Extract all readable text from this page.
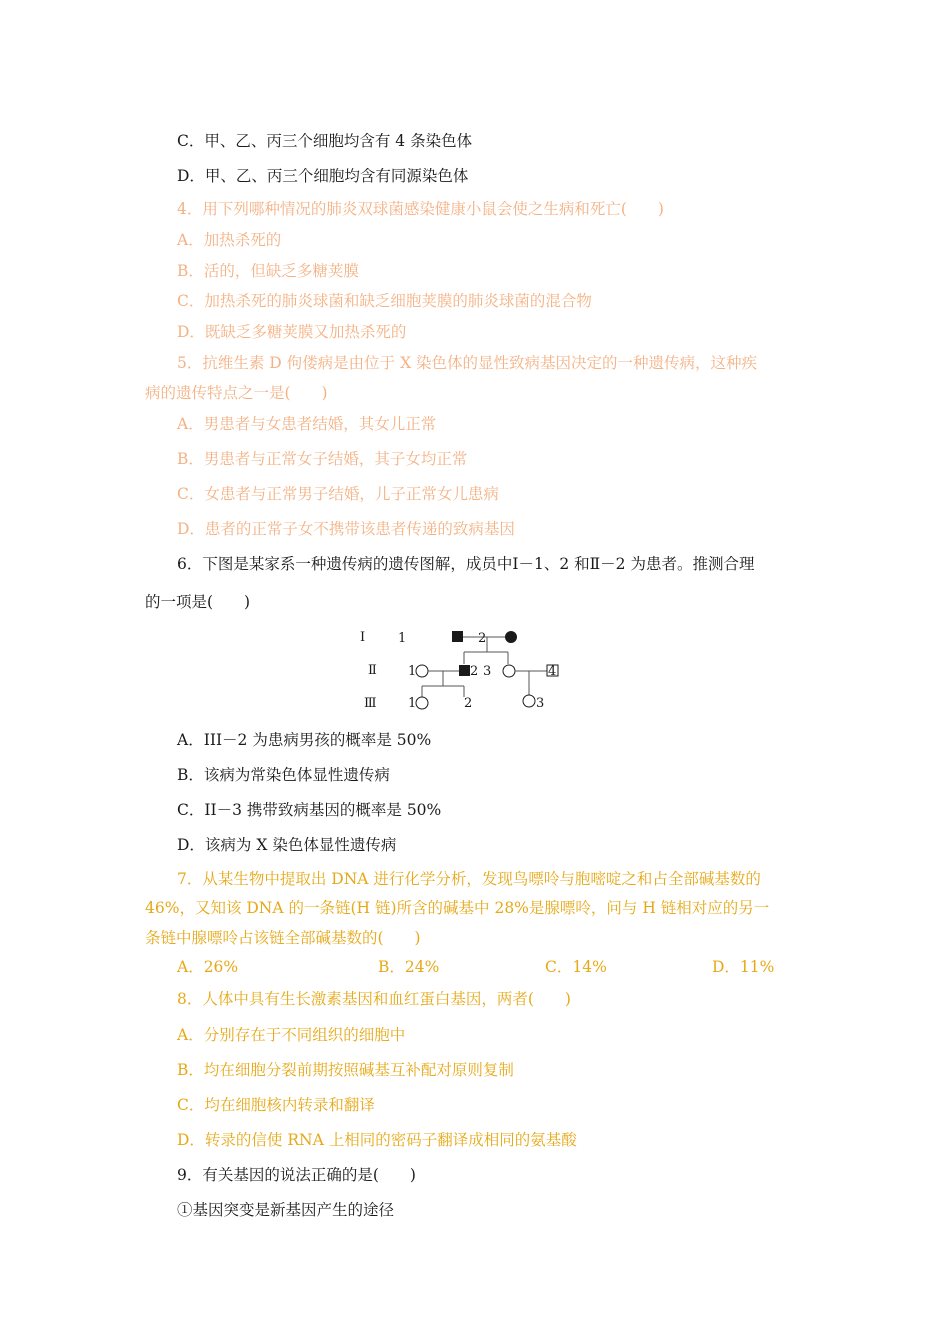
C．甲、乙、丙三个细胞均含有 4 条染色体
D．甲、乙、丙三个细胞均含有同源染色体
4．用下列哪种情况的肺炎双球菌感染健康小鼠会使之生病和死亡(　　)
A．加热杀死的
B．活的，但缺乏多糖荚膜
C．加热杀死的肺炎球菌和缺乏细胞荚膜的肺炎球菌的混合物
D．既缺乏多糖荚膜又加热杀死的
5．抗维生素 D 佝偻病是由位于 X 染色体的显性致病基因决定的一种遗传病，这种疾
病的遗传特点之一是(　　)
A．男患者与女患者结婚，其女儿正常
B．男患者与正常女子结婚，其子女均正常
C．女患者与正常男子结婚，儿子正常女儿患病
D．患者的正常子女不携带该患者传递的致病基因
6．下图是某家系一种遗传病的遗传图解，成员中Ⅰ－1、2 和Ⅱ－2 为患者。推测合理
的一项是(　　)
Ⅰ
Ⅱ
Ⅲ
1	2
1	2 3	4
1	2	3
A．III－2 为患病男孩的概率是 50%
B．该病为常染色体显性遗传病
C．II－3 携带致病基因的概率是 50%
D．该病为 X 染色体显性遗传病
7．从某生物中提取出 DNA 进行化学分析，发现鸟嘌呤与胞嘧啶之和占全部碱基数的
46%，又知该 DNA 的一条链(H 链)所含的碱基中 28%是腺嘌呤，问与 H 链相对应的另一
条链中腺嘌呤占该链全部碱基数的(　　)
A．26%	B．24%	C．14%	D．11%
8．人体中具有生长激素基因和血红蛋白基因，两者(　　)
A．分别存在于不同组织的细胞中
B．均在细胞分裂前期按照碱基互补配对原则复制
C．均在细胞核内转录和翻译
D．转录的信使 RNA 上相同的密码子翻译成相同的氨基酸
9．有关基因的说法正确的是(　　)
①基因突变是新基因产生的途径
